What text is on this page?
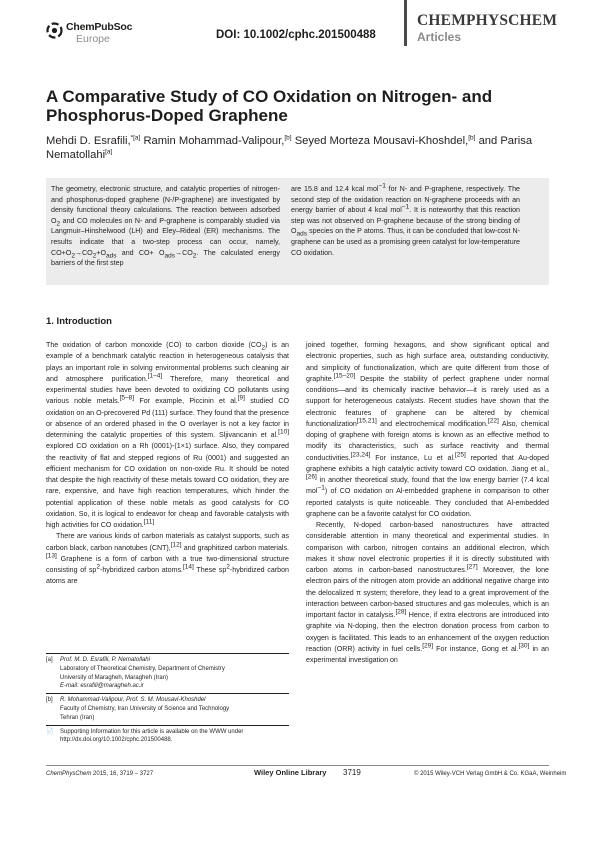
ChemPubSoc
Europe	DOI: 10.1002/cphc.201500488
CHEMPHYSCHEM
Articles
A Comparative Study of CO Oxidation on Nitrogen- and Phosphorus-Doped Graphene
Mehdi D. Esrafili,$^{*[a]}$ Ramin Mohammad-Valipour,[b] Seyed Morteza Mousavi-Khoshdel,[b] and Parisa Nematollahi[a]
The geometry, electronic structure, and catalytic properties of nitrogen- and phosphorus-doped graphene (N-/P-graphene) are investigated by density functional theory calculations. The reaction between adsorbed $O_2$ and CO molecules on N- and P-graphene is comparably studied via Langmuir–Hinshelwood (LH) and Eley–Rideal (ER) mechanisms. The results indicate that a two-step process can occur, namely, $CO+O_2\to CO_2+O_{ads}$ and $CO+ O_{ads}\to CO_2$. The calculated energy barriers of the first step
are 15.8 and 12.4 kcal mol$^{-1}$ for N- and P-graphene, respectively. The second step of the oxidation reaction on N-graphene proceeds with an energy barrier of about 4 kcal mol$^{-1}$. It is noteworthy that this reaction step was not observed on P-graphene because of the strong binding of $O_{ads}$ species on the P atoms. Thus, it can be concluded that low-cost N-graphene can be used as a promising green catalyst for low-temperature CO oxidation.
1. Introduction

The oxidation of carbon monoxide (CO) to carbon dioxide $(CO_2)$ is an example of a benchmark catalytic reaction in heterogeneous catalysis that plays an important role in solving environmental problems such cleaning air and atmosphere purification.[1–4] Therefore, many theoretical and experimental studies have been devoted to oxidizing CO pollutants using various noble metals.[5–8] For example, Piccinin et al.[9] studied CO oxidation on an O-precovered Pd (111) surface. They found that the presence or absence of an ordered phased in the O overlayer is not a key factor in determining the catalytic properties of this system. Sljivancanin et al.[10] explored CO oxidation on a Rh (0001)-(1×1) surface. Also, they compared the reactivity of flat and stepped regions of Ru (0001) and suggested an efficient mechanism for CO oxidation on non-oxide Ru. It should be noted that despite the high reactivity of these metals toward CO oxidation, they are rare, expensive, and have high reaction temperatures, which hinder the potential application of these noble metals as good catalysts for CO oxidation. So, it is logical to endeavor for cheap and favorable catalysts with high activities for CO oxidation.[11]

There are various kinds of carbon materials as catalyst supports, such as carbon black, carbon nanotubes (CNT),[12] and graphitized carbon materials.[13] Graphene is a form of carbon with a true two-dimensional structure consisting of $sp^2$-hybridized carbon atoms.[14] These $sp^2$-hybridized carbon atoms are

joined together, forming hexagons, and show significant optical and electronic properties, such as high surface area, outstanding conductivity, and simplicity of functionalization, which are quite different from those of graphite.[15–20] Despite the stability of perfect graphene under normal conditions—and its chemically inactive behavior—it is rarely used as a support for heterogeneous catalysts. Recent studies have shown that the electronic features of graphene can be altered by chemical functionalization[15,21] and electrochemical modification.[22] Also, chemical doping of graphene with foreign atoms is known as an effective method to modify its characteristics, such as surface reactivity and thermal conductivities.[23,24] For instance, Lu et al.[25] reported that Au-doped graphene exhibits a high catalytic activity toward CO oxidation. Jiang et al.,[26] in another theoretical study, found that the low energy barrier (7.4 kcal mol$^{-1}$) of CO oxidation on Al-embedded graphene in comparison to other reported catalysts is quite noticeable. They concluded that Al-embedded graphene can be a favorite catalyst for CO oxidation.

Recently, N-doped carbon-based nanostructures have attracted considerable attention in many theoretical and experimental studies. In comparison with carbon, nitrogen contains an additional electron, which makes it show novel electronic properties if it is directly substituted with carbon atoms in carbon-based nanostructures.[27] Moreover, the lone electron pairs of the nitrogen atom provide an additional negative charge into the delocalized π system; therefore, they lead to a great improvement of the interaction between carbon-based structures and gas molecules, which is an important factor in catalysis.[28] Hence, if extra electrons are introduced into graphite via N-doping, then the electron donation process from carbon to oxygen is facilitated. This leads to an enhancement of the oxygen reduction reaction (ORR) activity in fuel cells.[29] For instance, Gong et al.[30] in an experimental investigation on

[a] Prof. M. D. Esrafili, P. Nematollahi
Laboratory of Theoretical Chemistry, Department of Chemistry
University of Maragheh, Maragheh (Iran)
E-mail: esrafili@maragheh.ac.ir
[b] R. Mohammad-Valipour, Prof. S. M. Mousavi-Khoshdel
Faculty of Chemistry, Iran University of Science and Technology
Tehran (Iran)
📄 Supporting Information for this article is available on the WWW under http://dx.doi.org/10.1002/cphc.201500488.
ChemPhysChem 2015, 16, 3719 – 3727	Wiley Online Library 3719	© 2015 Wiley-VCH Verlag GmbH & Co. KGaA, Weinheim
